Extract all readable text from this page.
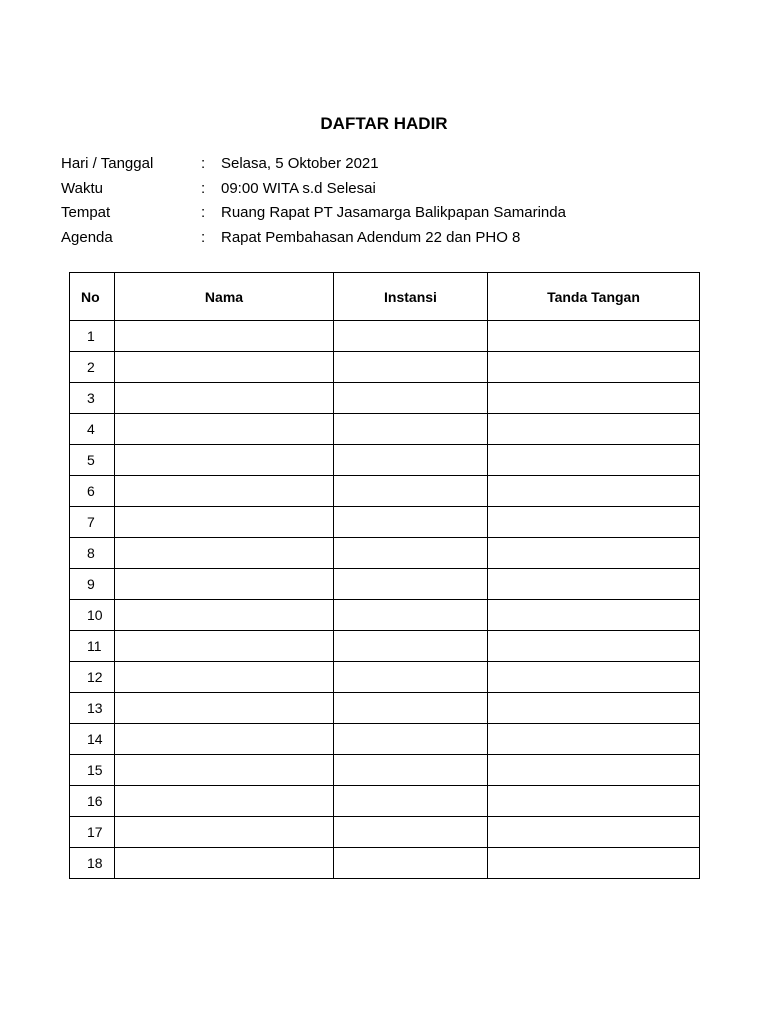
DAFTAR HADIR
Hari / Tanggal	:	Selasa, 5 Oktober 2021
Waktu	:	09:00 WITA s.d Selesai
Tempat	:	Ruang Rapat PT Jasamarga Balikpapan Samarinda
Agenda	:	Rapat Pembahasan Adendum 22 dan PHO 8
No	Nama	Instansi	Tanda Tangan
1			
2			
3			
4			
5			
6			
7			
8			
9			
10			
11			
12			
13			
14			
15			
16			
17			
18			
